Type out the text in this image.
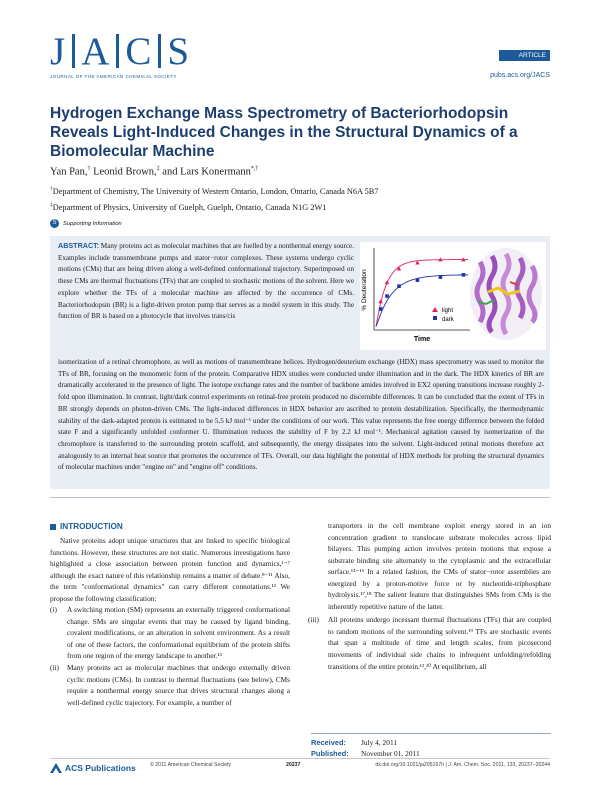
J A C S
JOURNAL OF THE AMERICAN CHEMICAL SOCIETY
ARTICLE
pubs.acs.org/JACS
Hydrogen Exchange Mass Spectrometry of Bacteriorhodopsin Reveals Light-Induced Changes in the Structural Dynamics of a Biomolecular Machine
Yan Pan,† Leonid Brown,‡ and Lars Konermann*,†
†Department of Chemistry, The University of Western Ontario, London, Ontario, Canada N6A 5B7
‡Department of Physics, University of Guelph, Guelph, Ontario, Canada N1G 2W1
S	Supporting Information
ABSTRACT: Many proteins act as molecular machines that are fuelled by a nonthermal energy source. Examples include transmembrane pumps and stator−rotor complexes. These systems undergo cyclic motions (CMs) that are being driven along a well-defined conformational trajectory. Superimposed on these CMs are thermal fluctuations (TFs) that are coupled to stochastic motions of the solvent. Here we explore whether the TFs of a molecular machine are affected by the occurrence of CMs. Bacteriorhodopsin (BR) is a light-driven proton pump that serves as a model system in this study. The function of BR is based on a photocycle that involves trans/cis
isomerization of a retinal chromophore, as well as motions of transmembrane helices. Hydrogen/deuterium exchange (HDX) mass spectrometry was used to monitor the TFs of BR, focusing on the monomeric form of the protein. Comparative HDX studies were conducted under illumination and in the dark. The HDX kinetics of BR are dramatically accelerated in the presence of light. The isotope exchange rates and the number of backbone amides involved in EX2 opening transitions increase roughly 2-fold upon illumination. In contrast, light/dark control experiments on retinal-free protein produced no discernible differences. It can be concluded that the extent of TFs in BR strongly depends on photon-driven CMs. The light-induced differences in HDX behavior are ascribed to protein destabilization. Specifically, the thermodynamic stability of the dark-adapted protein is estimated to be 5.5 kJ mol⁻¹ under the conditions of our work. This value represents the free energy difference between the folded state F and a significantly unfolded conformer U. Illumination reduces the stability of F by 2.2 kJ mol⁻¹. Mechanical agitation caused by isomerization of the chromophore is transferred to the surrounding protein scaffold, and subsequently, the energy dissipates into the solvent. Light-induced retinal motions therefore act analogously to an internal heat source that promotes the occurrence of TFs. Overall, our data highlight the potential of HDX methods for probing the structural dynamics of molecular machines under "engine on" and "engine off" conditions.
% Deuteration
Time
light
dark
INTRODUCTION

Native proteins adopt unique structures that are linked to specific biological functions. However, these structures are not static. Numerous investigations have highlighted a close association between protein function and dynamics,¹⁻⁷ although the exact nature of this relationship remains a matter of debate.⁸⁻¹¹ Also, the term "conformational dynamics" can carry different connotations.¹² We propose the following classification:

(i) A switching motion (SM) represents an externally triggered conformational change. SMs are singular events that may be caused by ligand binding, covalent modifications, or an alteration in solvent environment. As a result of one of these factors, the conformational equilibrium of the protein shifts from one region of the energy landscape to another.¹³
(ii) Many proteins act as molecular machines that undergo externally driven cyclic motions (CMs). In contrast to thermal fluctuations (see below), CMs require a nonthermal energy source that drives structural changes along a well-defined cyclic trajectory. For example, a number of

transporters in the cell membrane exploit energy stored in an ion concentration gradient to translocate substrate molecules across lipid bilayers. This pumping action involves protein motions that expose a substrate binding site alternately to the cytoplasmic and the extracellular surface.¹⁴⁻¹⁶ In a related fashion, the CMs of stator−rotor assemblies are energized by a proton-motive force or by nucleotide-triphosphate hydrolysis.¹⁷,¹⁸ The salient feature that distinguishes SMs from CMs is the inherently repetitive nature of the latter.

(iii) All proteins undergo incessant thermal fluctuations (TFs) that are coupled to random motions of the surrounding solvent.¹⁹ TFs are stochastic events that span a multitude of time and length scales, from picosecond movements of individual side chains to infrequent unfolding/refolding transitions of the entire protein.¹²,²⁰ At equilibrium, all
Received: July 4, 2011
Published: November 01, 2011
ACS Publications	© 2011 American Chemical Society	20237	dx.doi.org/10.1021/ja205197h | J. Am. Chem. Soc. 2011, 133, 20237–20244
